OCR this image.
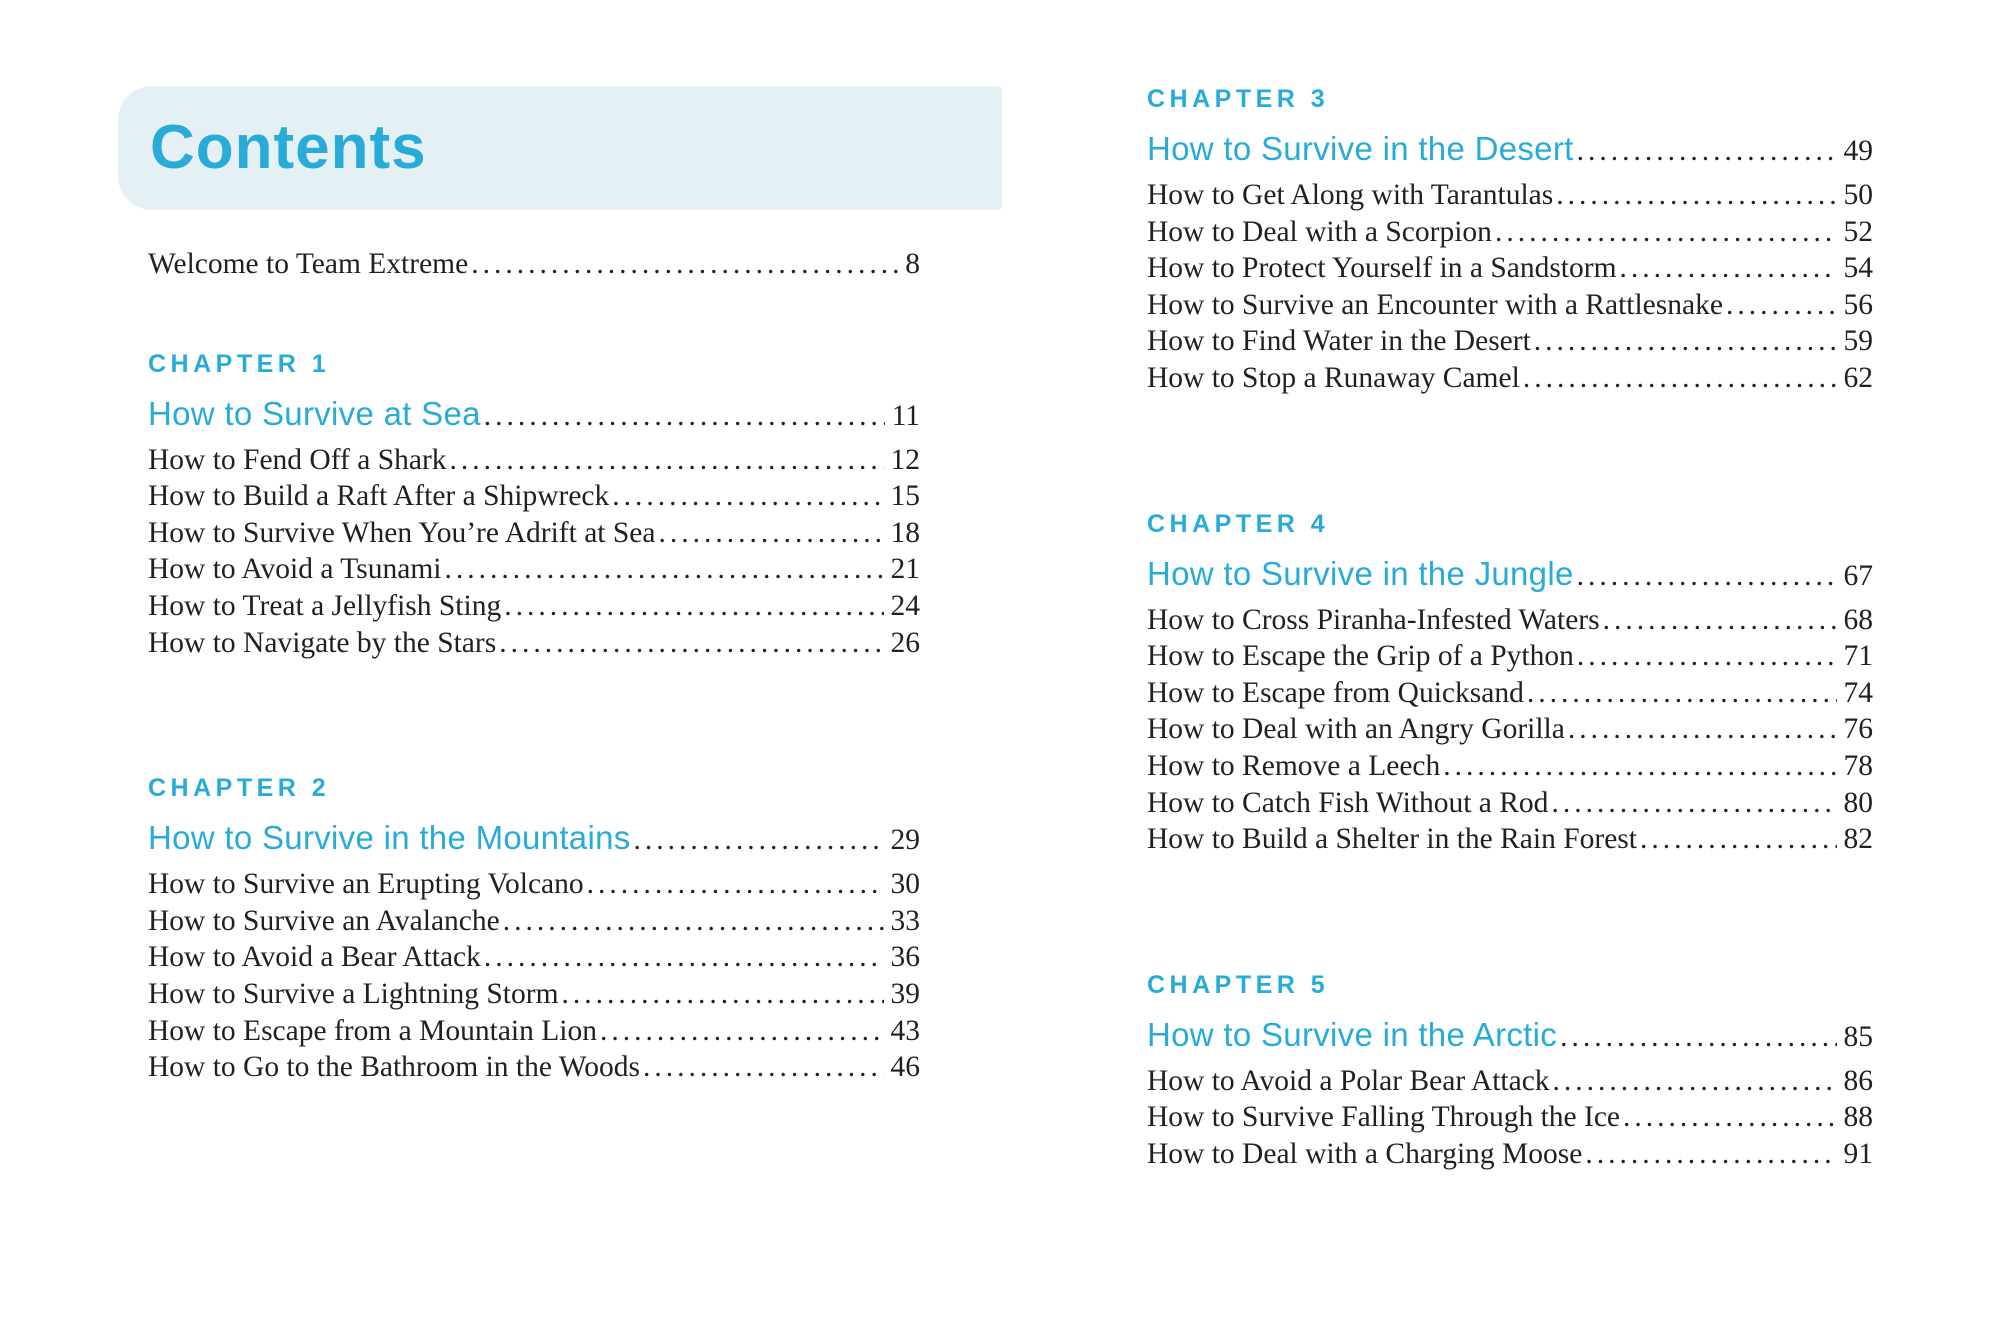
Contents
Welcome to Team Extreme .....	8
CHAPTER 1
How to Survive at Sea .....	11
How to Fend Off a Shark .....	12
How to Build a Raft After a Shipwreck .....	15
How to Survive When You’re Adrift at Sea .....	18
How to Avoid a Tsunami .....	21
How to Treat a Jellyfish Sting .....	24
How to Navigate by the Stars .....	26
CHAPTER 2
How to Survive in the Mountains .....	29
How to Survive an Erupting Volcano .....	30
How to Survive an Avalanche .....	33
How to Avoid a Bear Attack .....	36
How to Survive a Lightning Storm .....	39
How to Escape from a Mountain Lion .....	43
How to Go to the Bathroom in the Woods .....	46
CHAPTER 3
How to Survive in the Desert .....	49
How to Get Along with Tarantulas .....	50
How to Deal with a Scorpion .....	52
How to Protect Yourself in a Sandstorm .....	54
How to Survive an Encounter with a Rattlesnake .....	56
How to Find Water in the Desert .....	59
How to Stop a Runaway Camel .....	62
CHAPTER 4
How to Survive in the Jungle .....	67
How to Cross Piranha-Infested Waters .....	68
How to Escape the Grip of a Python .....	71
How to Escape from Quicksand .....	74
How to Deal with an Angry Gorilla .....	76
How to Remove a Leech .....	78
How to Catch Fish Without a Rod .....	80
How to Build a Shelter in the Rain Forest .....	82
CHAPTER 5
How to Survive in the Arctic .....	85
How to Avoid a Polar Bear Attack .....	86
How to Survive Falling Through the Ice .....	88
How to Deal with a Charging Moose .....	91
